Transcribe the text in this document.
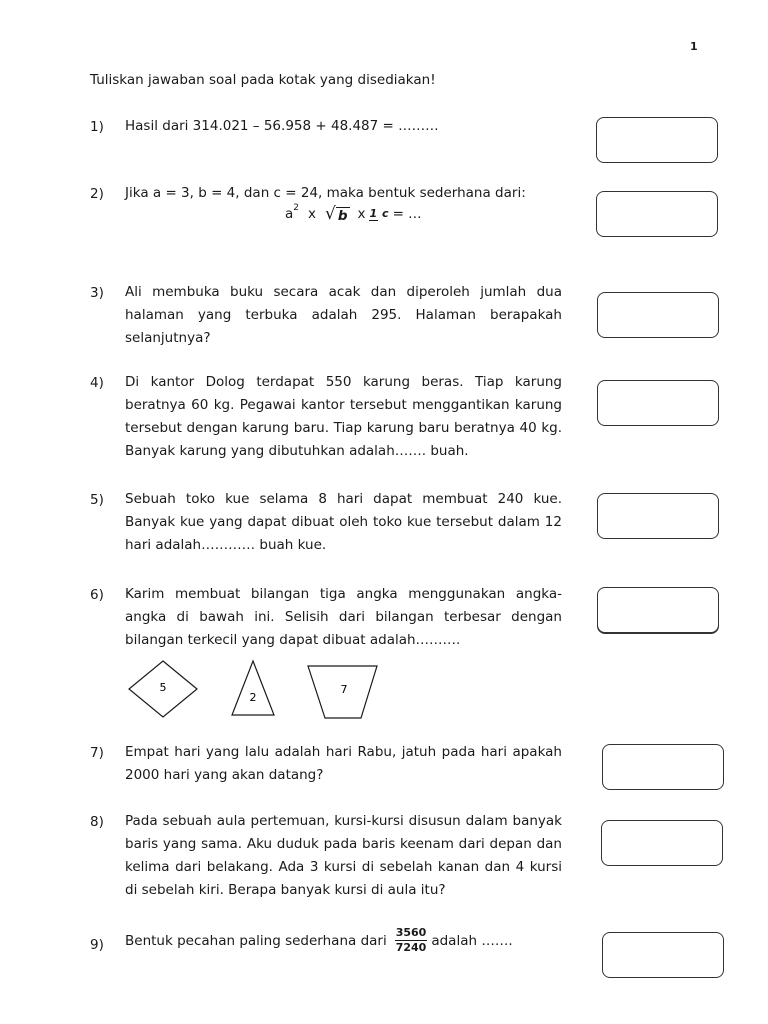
1
Tuliskan jawaban soal pada kotak yang disediakan!
1) Hasil dari 314.021 – 56.958 + 48.487 = ………
2) Jika a = 3, b = 4, dan c = 24, maka bentuk sederhana dari:
a 2 x √ b x 1 c = …
3) Ali membuka buku secara acak dan diperoleh jumlah dua halaman yang terbuka adalah 295. Halaman berapakah selanjutnya?
4) Di kantor Dolog terdapat 550 karung beras. Tiap karung beratnya 60 kg. Pegawai kantor tersebut menggantikan karung tersebut dengan karung baru. Tiap karung baru beratnya 40 kg. Banyak karung yang dibutuhkan adalah……. buah.
5) Sebuah toko kue selama 8 hari dapat membuat 240 kue. Banyak kue yang dapat dibuat oleh toko kue tersebut dalam 12 hari adalah………… buah kue.
6) Karim membuat bilangan tiga angka menggunakan angka-angka di bawah ini. Selisih dari bilangan terbesar dengan bilangan terkecil yang dapat dibuat adalah……….
5
2
7
7) Empat hari yang lalu adalah hari Rabu, jatuh pada hari apakah 2000 hari yang akan datang?
8) Pada sebuah aula pertemuan, kursi-kursi disusun dalam banyak baris yang sama. Aku duduk pada baris keenam dari depan dan kelima dari belakang. Ada 3 kursi di sebelah kanan dan 4 kursi di sebelah kiri. Berapa banyak kursi di aula itu?
9) Bentuk pecahan paling sederhana dari $\frac{3560}{7240}$ adalah …….
